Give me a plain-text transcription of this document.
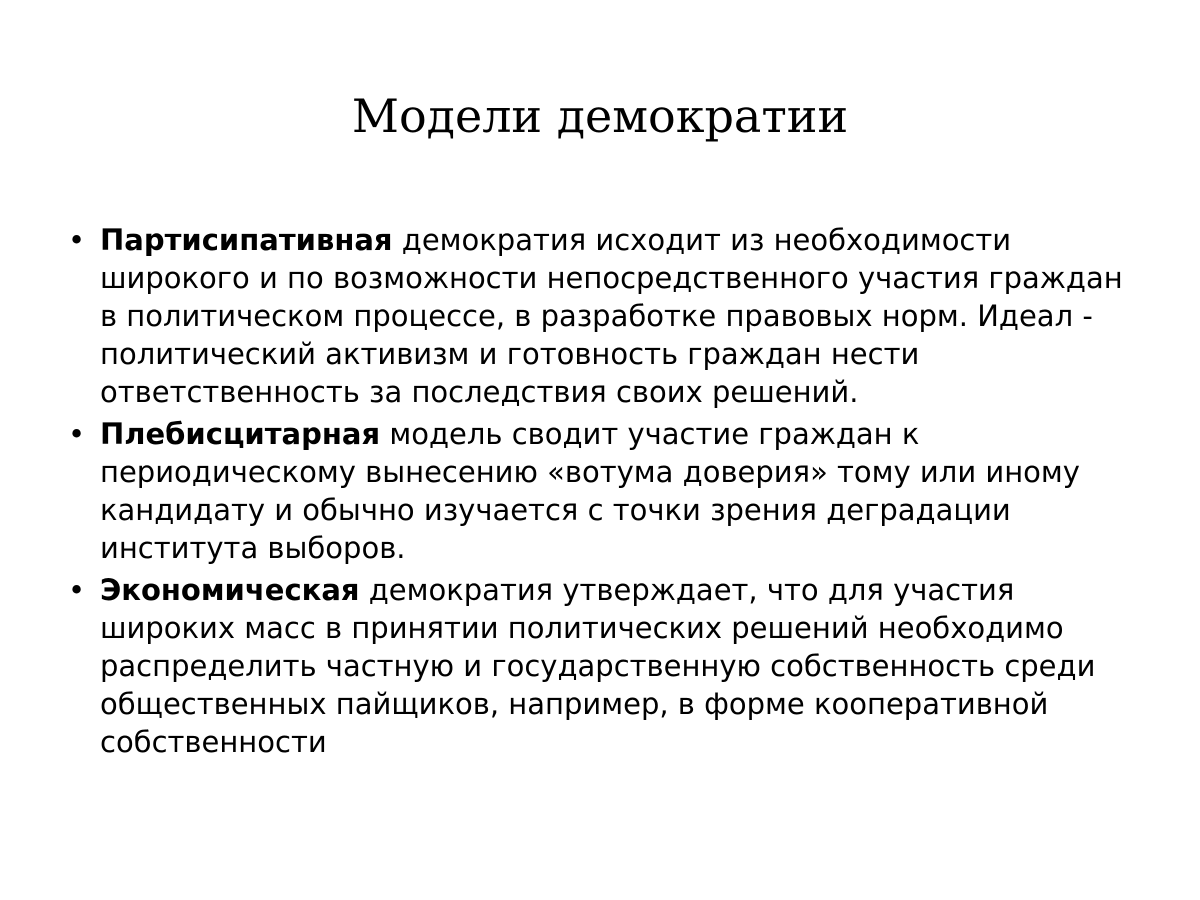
Модели демократии
• Партисипативная демократия исходит из необходимости широкого и по возможности непосредственного участия граждан в политическом процессе, в разработке правовых норм. Идеал - политический активизм и готовность граждан нести ответственность за последствия своих решений.
• Плебисцитарная модель сводит участие граждан к периодическому вынесению «вотума доверия» тому или иному кандидату и обычно изучается с точки зрения деградации института выборов.
• Экономическая демократия утверждает, что для участия широких масс в принятии политических решений необходимо распределить частную и государственную собственность среди общественных пайщиков, например, в форме кооперативной собственности
